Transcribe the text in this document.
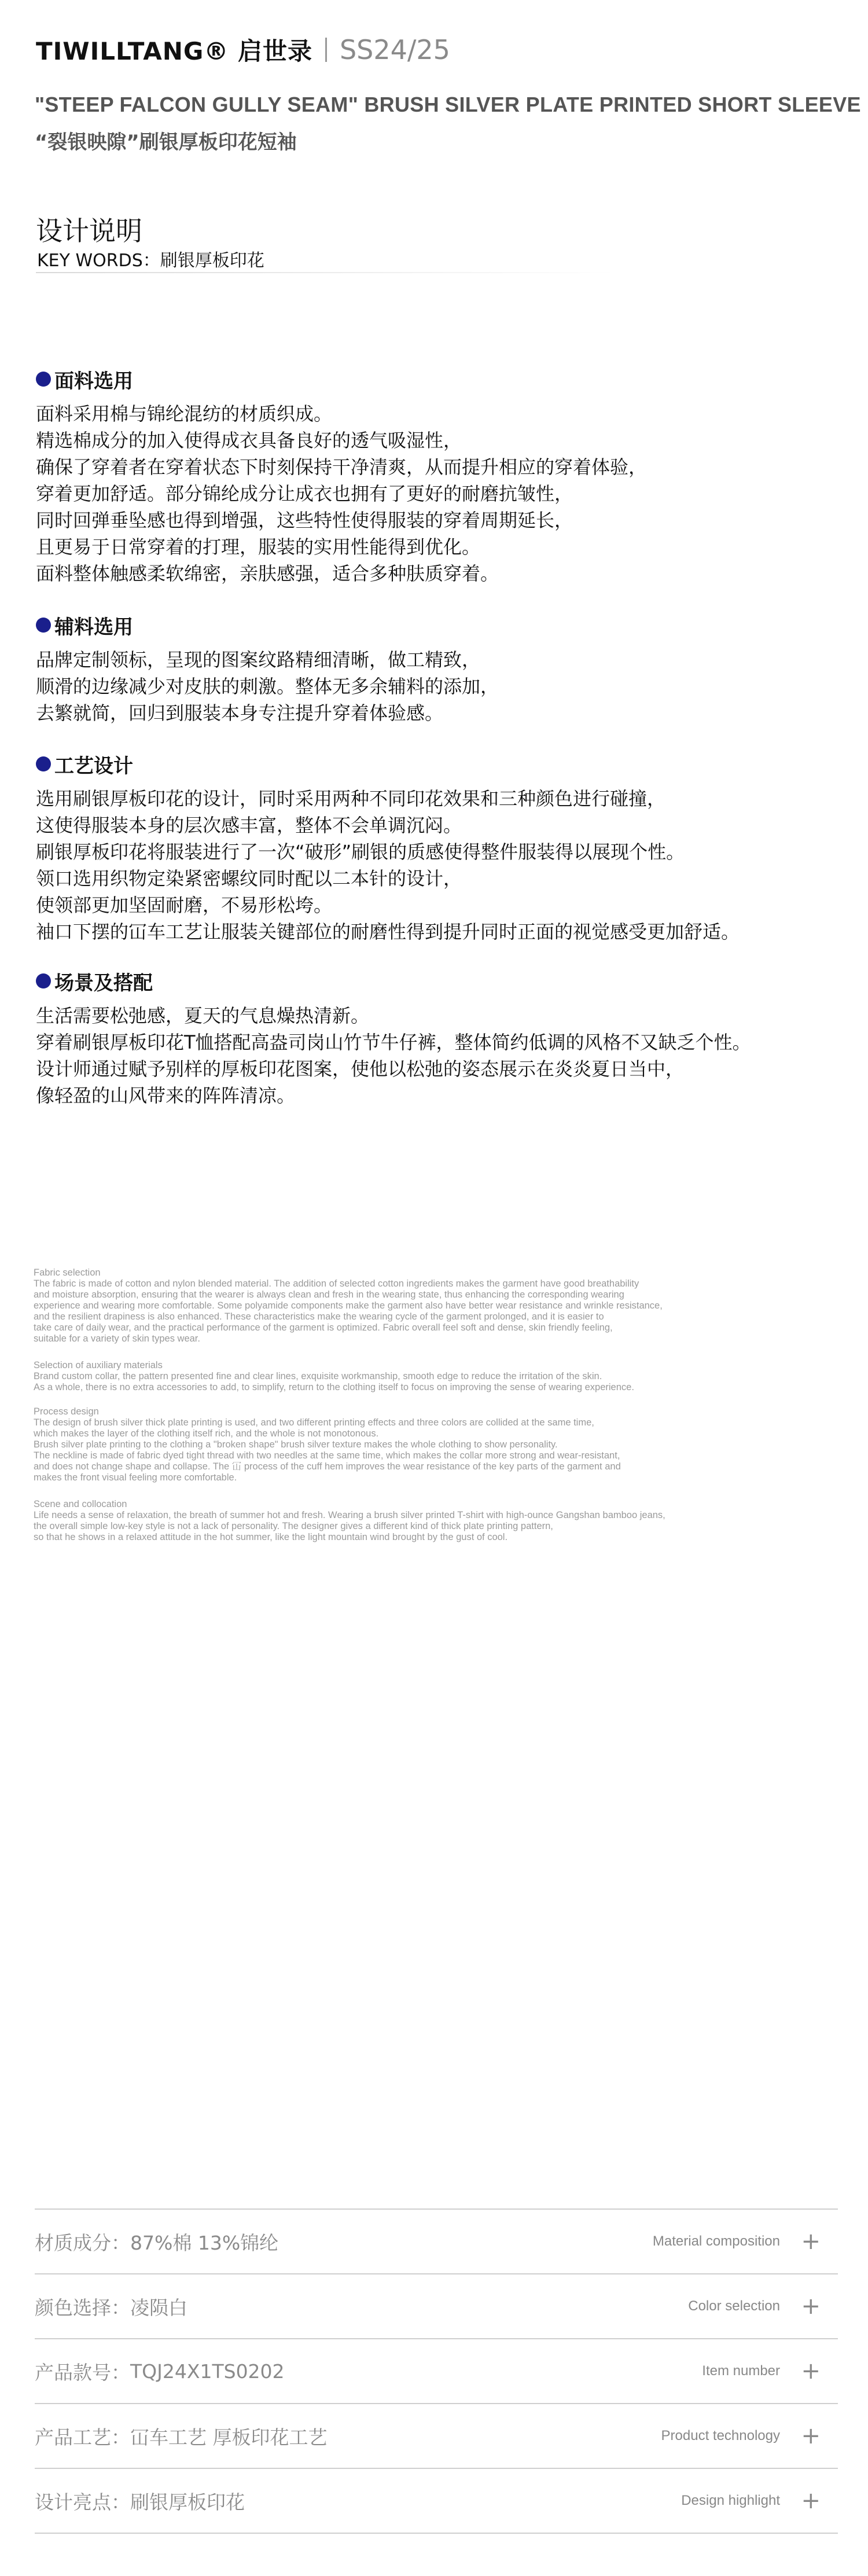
TIWILLTANG® 启世录 SS24/25
"STEEP FALCON GULLY SEAM" BRUSH SILVER PLATE PRINTED SHORT SLEEVE
“裂银映隙”刷银厚板印花短袖
设计说明
KEY WORDS：刷银厚板印花
面料选用
面料采用棉与锦纶混纺的材质织成。
精选棉成分的加入使得成衣具备良好的透气吸湿性，
确保了穿着者在穿着状态下时刻保持干净清爽，从而提升相应的穿着体验，
穿着更加舒适。部分锦纶成分让成衣也拥有了更好的耐磨抗皱性，
同时回弹垂坠感也得到增强，这些特性使得服装的穿着周期延长，
且更易于日常穿着的打理，服装的实用性能得到优化。
面料整体触感柔软绵密，亲肤感强，适合多种肤质穿着。
辅料选用
品牌定制领标，呈现的图案纹路精细清晰，做工精致，
顺滑的边缘减少对皮肤的刺激。整体无多余辅料的添加，
去繁就简，回归到服装本身专注提升穿着体验感。
工艺设计
选用刷银厚板印花的设计，同时采用两种不同印花效果和三种颜色进行碰撞，
这使得服装本身的层次感丰富，整体不会单调沉闷。
刷银厚板印花将服装进行了一次“破形”刷银的质感使得整件服装得以展现个性。
领口选用织物定染紧密螺纹同时配以二本针的设计，
使领部更加坚固耐磨，不易形松垮。
袖口下摆的冚车工艺让服装关键部位的耐磨性得到提升同时正面的视觉感受更加舒适。
场景及搭配
生活需要松弛感，夏天的气息燥热清新。
穿着刷银厚板印花T恤搭配高盎司岗山竹节牛仔裤，整体简约低调的风格不又缺乏个性。
设计师通过赋予别样的厚板印花图案，使他以松弛的姿态展示在炎炎夏日当中，
像轻盈的山风带来的阵阵清凉。
Fabric selection
The fabric is made of cotton and nylon blended material. The addition of selected cotton ingredients makes the garment have good breathability
and moisture absorption, ensuring that the wearer is always clean and fresh in the wearing state, thus enhancing the corresponding wearing
experience and wearing more comfortable. Some polyamide components make the garment also have better wear resistance and wrinkle resistance,
and the resilient drapiness is also enhanced. These characteristics make the wearing cycle of the garment prolonged, and it is easier to
take care of daily wear, and the practical performance of the garment is optimized. Fabric overall feel soft and dense, skin friendly feeling,
suitable for a variety of skin types wear.
Selection of auxiliary materials
Brand custom collar, the pattern presented fine and clear lines, exquisite workmanship, smooth edge to reduce the irritation of the skin.
As a whole, there is no extra accessories to add, to simplify, return to the clothing itself to focus on improving the sense of wearing experience.
Process design
The design of brush silver thick plate printing is used, and two different printing effects and three colors are collided at the same time,
which makes the layer of the clothing itself rich, and the whole is not monotonous.
Brush silver plate printing to the clothing a "broken shape" brush silver texture makes the whole clothing to show personality.
The neckline is made of fabric dyed tight thread with two needles at the same time, which makes the collar more strong and wear-resistant,
and does not change shape and collapse. The 冚 process of the cuff hem improves the wear resistance of the key parts of the garment and
makes the front visual feeling more comfortable.
Scene and collocation
Life needs a sense of relaxation, the breath of summer hot and fresh. Wearing a brush silver printed T-shirt with high-ounce Gangshan bamboo jeans,
the overall simple low-key style is not a lack of personality. The designer gives a different kind of thick plate printing pattern,
so that he shows in a relaxed attitude in the hot summer, like the light mountain wind brought by the gust of cool.
材质成分： 87%棉 13%锦纶	Material composition +
颜色选择： 凌陨白	Color selection +
产品款号： TQJ24X1TS0202	Item number +
产品工艺： 冚车工艺 厚板印花工艺	Product technology +
设计亮点： 刷银厚板印花	Design highlight +
